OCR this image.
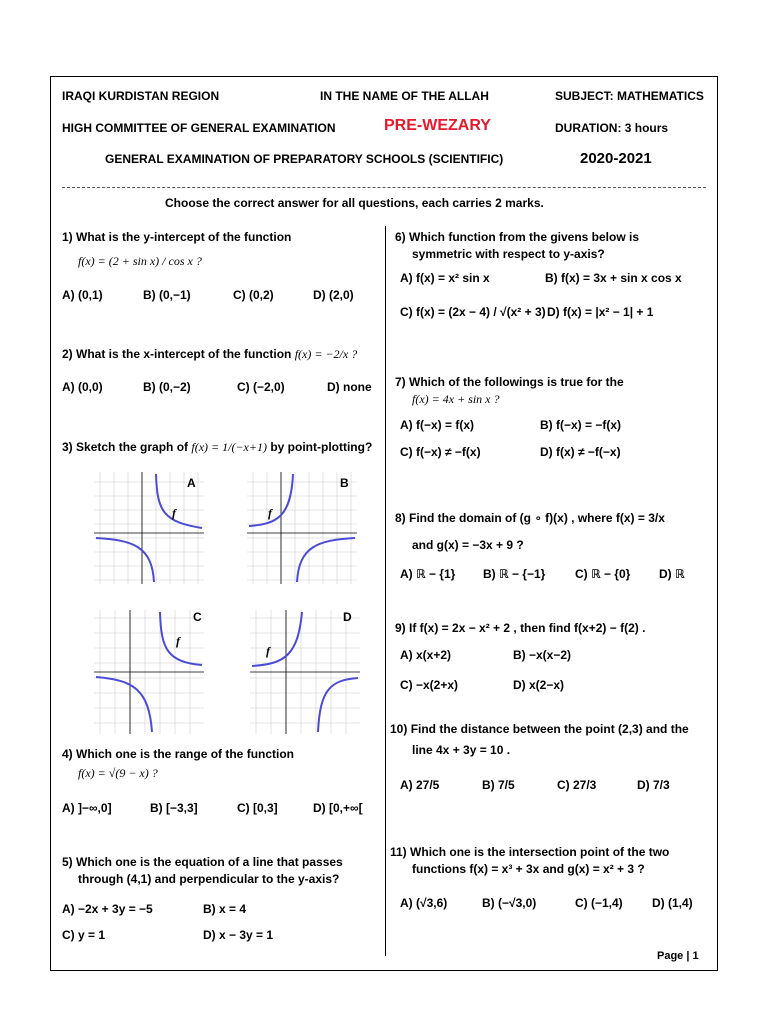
IRAQI KURDISTAN REGION	IN THE NAME OF THE ALLAH	SUBJECT: MATHEMATICS
HIGH COMMITTEE OF GENERAL EXAMINATION	PRE-WEZARY	DURATION: 3 hours
GENERAL EXAMINATION OF PREPARATORY SCHOOLS (SCIENTIFIC)	2020-2021
Choose the correct answer for all questions, each carries 2 marks.
1) What is the y-intercept of the function
f(x) = (2 + sin x) / cos x ?
A) (0,1)	B) (0,−1)	C) (0,2)	D) (2,0)
2) What is the x-intercept of the function f(x) = −2/x ?
A) (0,0)	B) (0,−2)	C) (−2,0)	D) none
3) Sketch the graph of f(x) = 1/(−x+1) by point-plotting?
A
f
B
f
C
f
D
f
4) Which one is the range of the function
f(x) = √(9 − x) ?
A) ]−∞,0]	B) [−3,3]	C) [0,3]	D) [0,+∞[
5) Which one is the equation of a line that passes
through (4,1) and perpendicular to the y-axis?
A) −2x + 3y = −5	B) x = 4
C) y = 1	D) x − 3y = 1
6) Which function from the givens below is
symmetric with respect to y-axis?
A) f(x) = x² sin x	B) f(x) = 3x + sin x cos x
C) f(x) = (2x − 4) / √(x² + 3) D) f(x) = |x² − 1| + 1
7) Which of the followings is true for the
f(x) = 4x + sin x ?
A) f(−x) = f(x)	B) f(−x) = −f(x)
C) f(−x) ≠ −f(x)	D) f(x) ≠ −f(−x)
8) Find the domain of (g ∘ f)(x) , where f(x) = 3/x
and g(x) = −3x + 9 ?
A) ℝ − {1} B) ℝ − {−1} C) ℝ − {0} D) ℝ
9) If f(x) = 2x − x² + 2 , then find f(x+2) − f(2) .
A) x(x+2)	B) −x(x−2)
C) −x(2+x)	D) x(2−x)
10) Find the distance between the point (2,3) and the
line 4x + 3y = 10 .
A) 27/5	B) 7/5	C) 27/3	D) 7/3
11) Which one is the intersection point of the two
functions f(x) = x³ + 3x and g(x) = x² + 3 ?
A) (√3,6)	B) (−√3,0)	C) (−1,4) D) (1,4)
Page | 1
